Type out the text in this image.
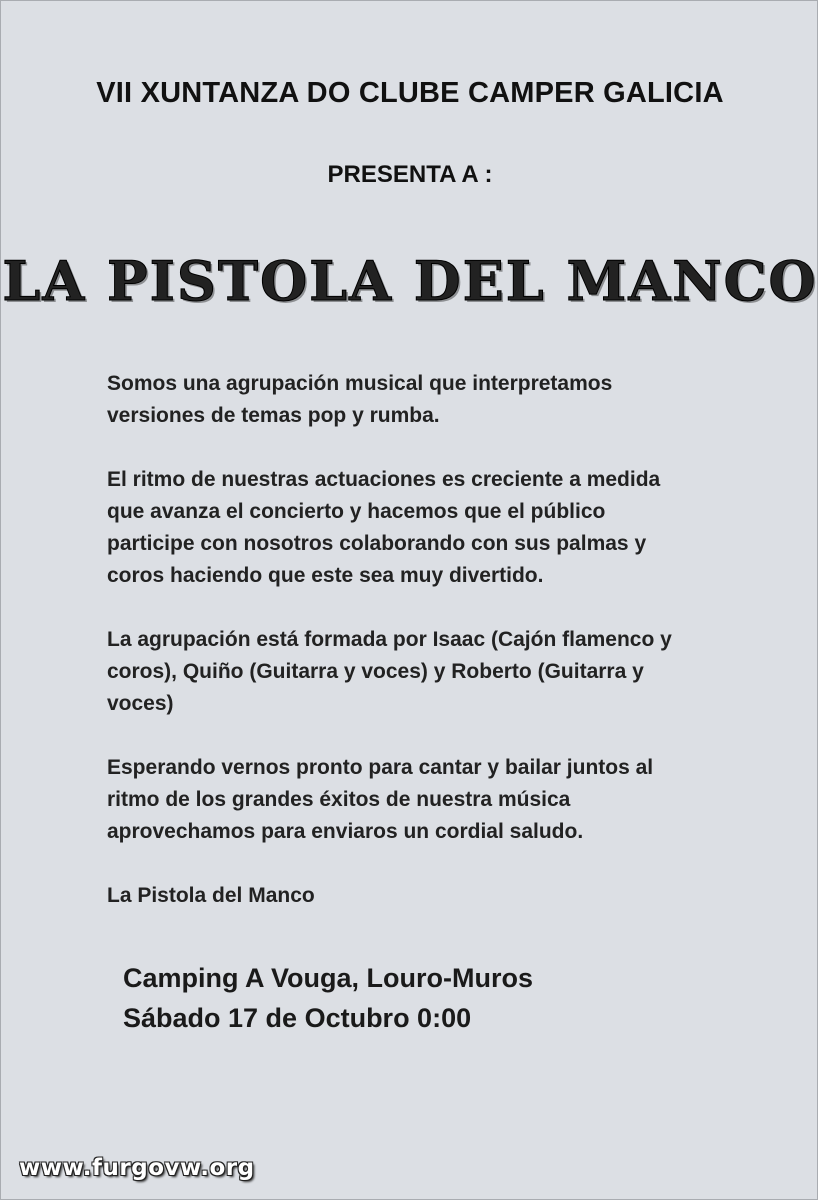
VII XUNTANZA DO CLUBE CAMPER GALICIA
PRESENTA A :
LA PISTOLA DEL MANCO

Somos una agrupación musical que interpretamos
versiones de temas pop y rumba.

El ritmo de nuestras actuaciones es creciente a medida
que avanza el concierto y hacemos que el público
participe con nosotros colaborando con sus palmas y
coros haciendo que este sea muy divertido.

La agrupación está formada por Isaac (Cajón flamenco y
coros), Quiño (Guitarra y voces) y Roberto (Guitarra y
voces)

Esperando vernos pronto para cantar y bailar juntos al
ritmo de los grandes éxitos de nuestra música
aprovechamos para enviaros un cordial saludo.

La Pistola del Manco

Camping A Vouga, Louro-Muros
Sábado 17 de Octubro 0:00
www.furgovw.org
